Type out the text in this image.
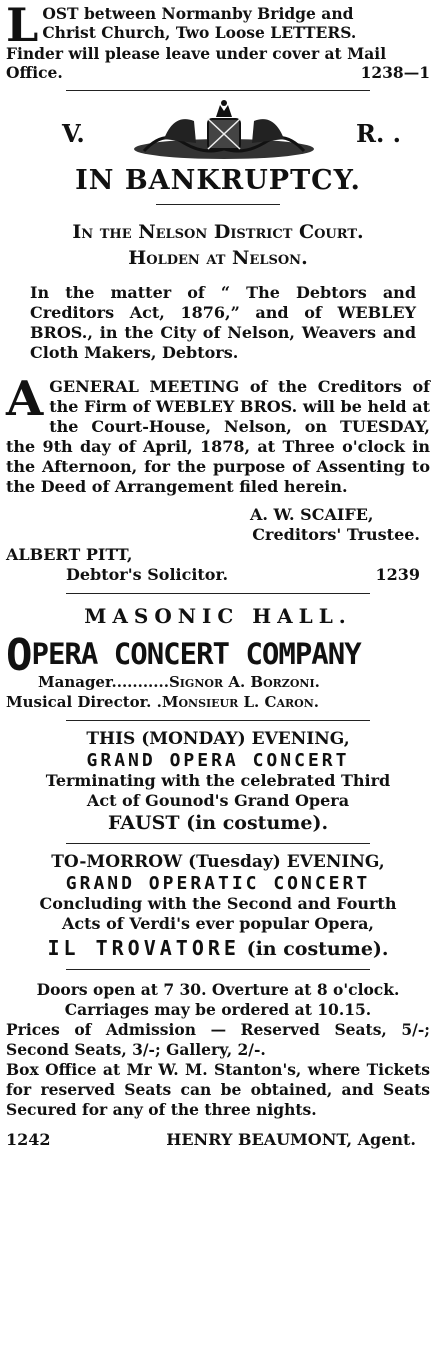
L OST between Normanby Bridge and
Christ Church, Two Loose LETTERS.
Finder will please leave under cover at Mail
Office.	1238—1
V.	R. .
IN BANKRUPTCY.
In the Nelson District Court.
Holden at Nelson.

In the matter of “ The Debtors and Creditors Act, 1876,” and of WEBLEY BROS., in the City of Nelson, Weavers and Cloth Makers, Debtors.

A GENERAL MEETING of the Creditors of the Firm of WEBLEY BROS. will be held at the Court-House, Nelson, on TUESDAY, the 9th day of April, 1878, at Three o'clock in the Afternoon, for the purpose of Assenting to the Deed of Arrangement filed herein.
A. W. SCAIFE,
Creditors' Trustee.
ALBERT PITT,
Debtor's Solicitor.	1239
MASONIC HALL.
OPERA CONCERT COMPANY
Manager...........Signor A. Borzoni.
Musical Director. .Monsieur L. Caron.
THIS (MONDAY) EVENING,
GRAND OPERA CONCERT
Terminating with the celebrated Third
Act of Gounod's Grand Opera
FAUST (in costume).
TO-MORROW (Tuesday) EVENING,
GRAND OPERATIC CONCERT
Concluding with the Second and Fourth
Acts of Verdi's ever popular Opera,
IL TROVATORE (in costume).
Doors open at 7 30. Overture at 8 o'clock.
Carriages may be ordered at 10.15.
Prices of Admission — Reserved Seats, 5/-; Second Seats, 3/-; Gallery, 2/-.
Box Office at Mr W. M. Stanton's, where Tickets for reserved Seats can be obtained, and Seats Secured for any of the three nights.
1242	HENRY BEAUMONT, Agent.
